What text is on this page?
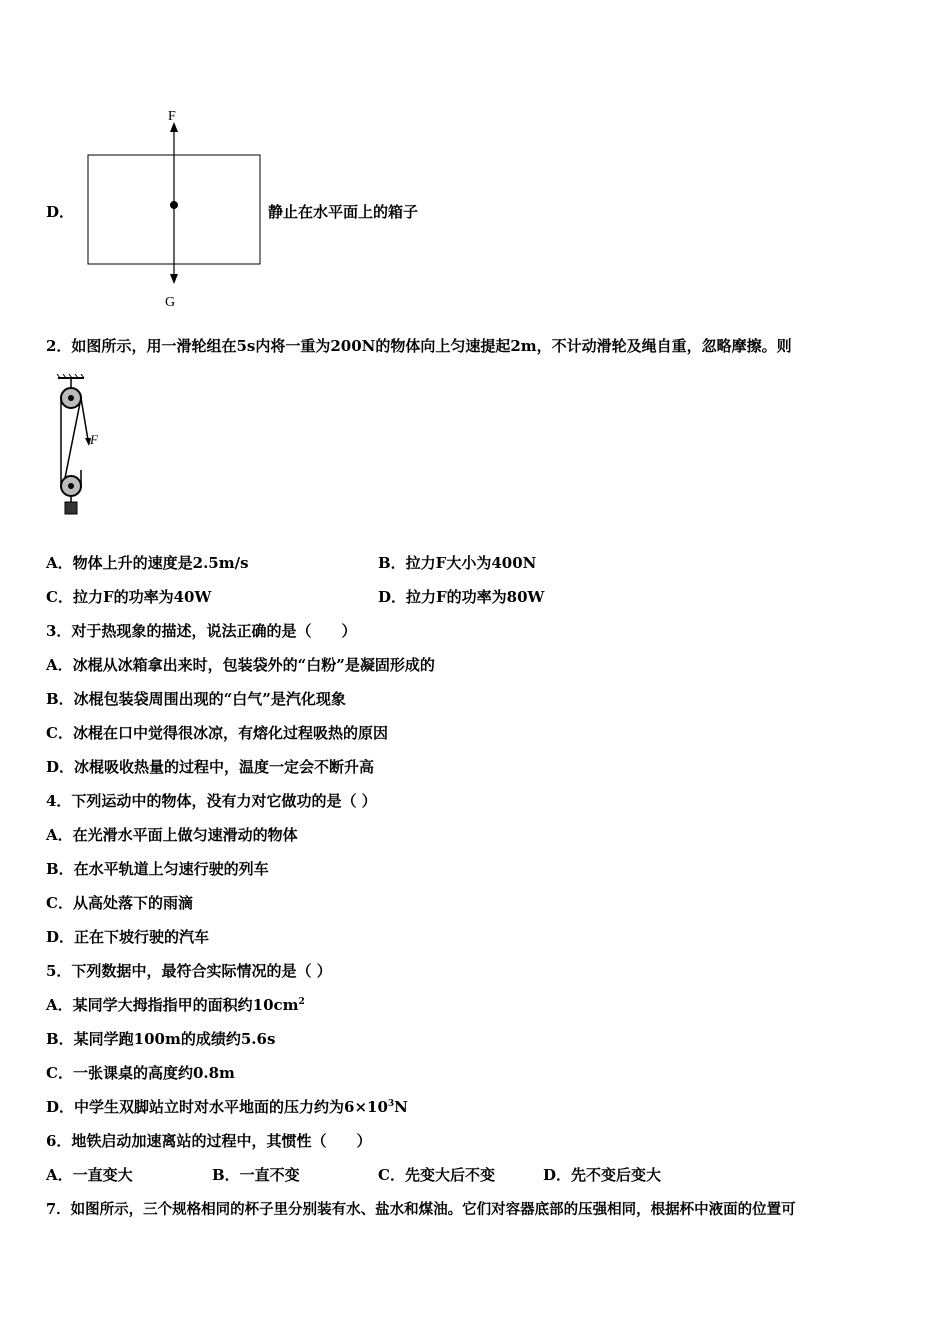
D．
F
G
静止在水平面上的箱子
2．如图所示，用一滑轮组在5s内将一重为200N的物体向上匀速提起2m，不计动滑轮及绳自重，忽略摩擦。则
F
A．物体上升的速度是2.5m/s	B．拉力F大小为400N
C．拉力F的功率为40W	D．拉力F的功率为80W
3．对于热现象的描述，说法正确的是（　　）
A．冰棍从冰箱拿出来时，包装袋外的“白粉”是凝固形成的
B．冰棍包装袋周围出现的“白气”是汽化现象
C．冰棍在口中觉得很冰凉，有熔化过程吸热的原因
D．冰棍吸收热量的过程中，温度一定会不断升高
4．下列运动中的物体，没有力对它做功的是（ ）
A．在光滑水平面上做匀速滑动的物体
B．在水平轨道上匀速行驶的列车
C．从高处落下的雨滴
D．正在下坡行驶的汽车
5．下列数据中，最符合实际情况的是（ ）
A．某同学大拇指指甲的面积约$10cm^2$
B．某同学跑100m的成绩约5.6s
C．一张课桌的高度约0.8m
D．中学生双脚站立时对水平地面的压力约为$6\times 10^3N$
6．地铁启动加速离站的过程中，其惯性（　　）
A．一直变大	B．一直不变	C．先变大后不变	D．先不变后变大
7．如图所示，三个规格相同的杯子里分别装有水、盐水和煤油。它们对容器底部的压强相同，根据杯中液面的位置可
